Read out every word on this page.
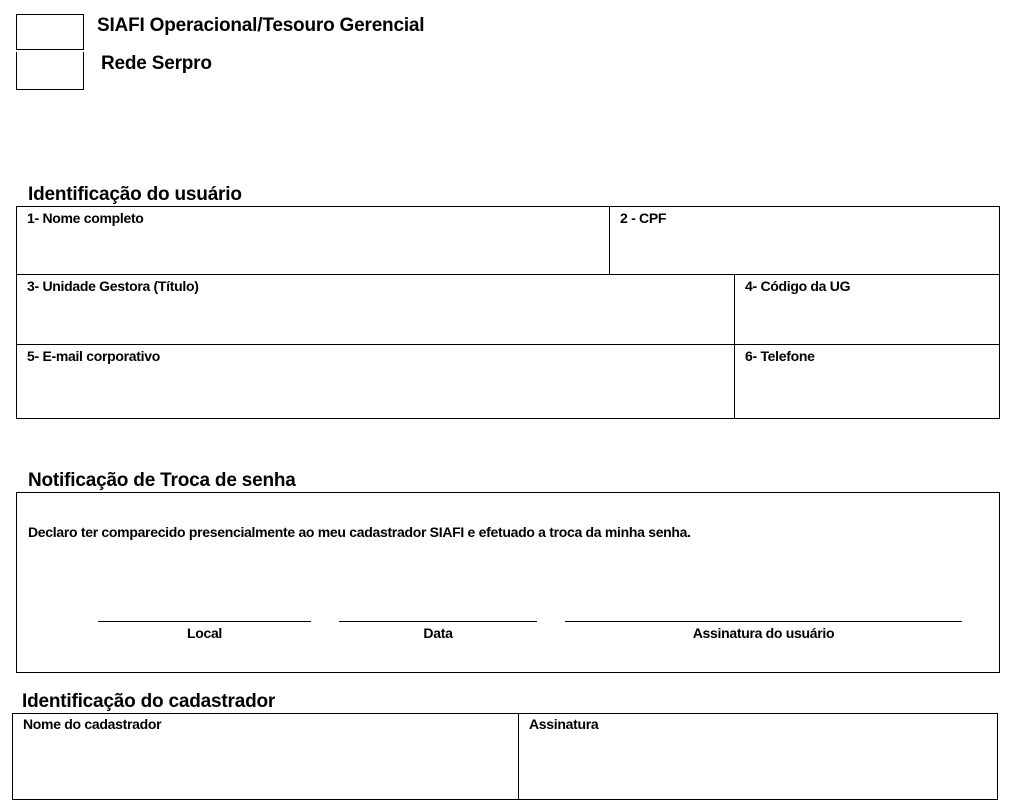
SIAFI Operacional/Tesouro Gerencial
Rede Serpro
Identificação do usuário
1- Nome completo	2 - CPF
3- Unidade Gestora (Título)	4- Código da UG
5- E-mail corporativo	6- Telefone
Notificação de Troca de senha
Declaro ter comparecido presencialmente ao meu cadastrador SIAFI e efetuado a troca da minha senha.
Local	Data	Assinatura do usuário
Identificação do cadastrador
Nome do cadastrador	Assinatura
